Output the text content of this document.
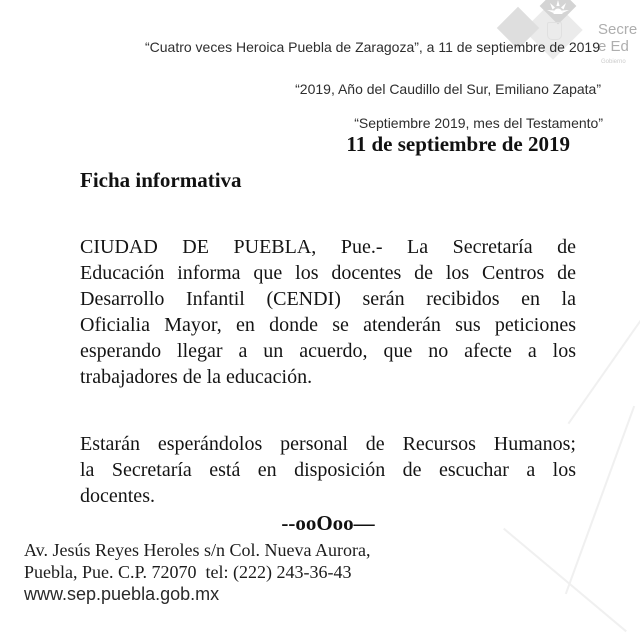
Secre
e Ed
Gobierno
“Cuatro veces Heroica Puebla de Zaragoza”, a 11 de septiembre de 2019
“2019, Año del Caudillo del Sur, Emiliano Zapata”
“Septiembre 2019, mes del Testamento”
11 de septiembre de 2019
Ficha informativa
CIUDAD DE PUEBLA, Pue.- La Secretaría de
Educación informa que los docentes de los Centros de
Desarrollo Infantil (CENDI) serán recibidos en la
Oficialia Mayor, en donde se atenderán sus peticiones
esperando llegar a un acuerdo, que no afecte a los
trabajadores de la educación.
Estarán esperándolos personal de Recursos Humanos;
la Secretaría está en disposición de escuchar a los
docentes.
--ooOoo—
Av. Jesús Reyes Heroles s/n Col. Nueva Aurora,
Puebla, Pue. C.P. 72070  tel: (222) 243-36-43
www.sep.puebla.gob.mx
